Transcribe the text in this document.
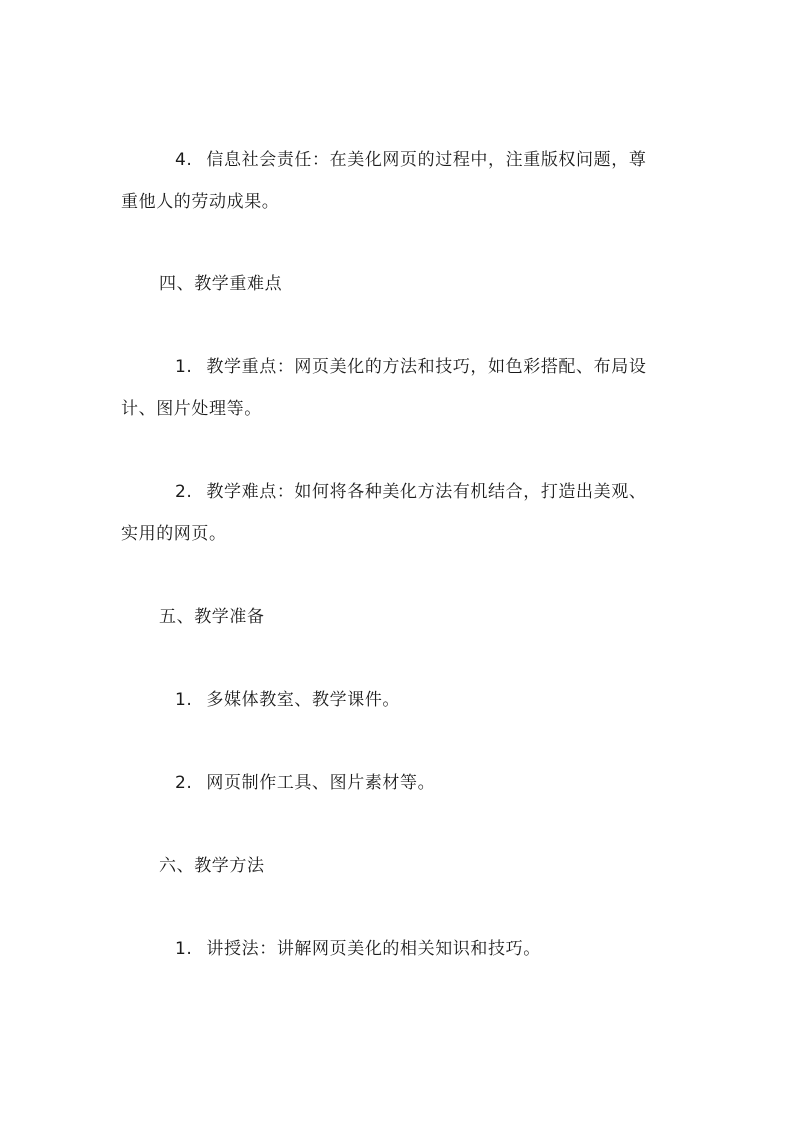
4. 信息社会责任：在美化网页的过程中，注重版权问题，尊
重他人的劳动成果。
四、教学重难点
1. 教学重点：网页美化的方法和技巧，如色彩搭配、布局设
计、图片处理等。
2. 教学难点：如何将各种美化方法有机结合，打造出美观、
实用的网页。
五、教学准备
1. 多媒体教室、教学课件。
2. 网页制作工具、图片素材等。
六、教学方法
1. 讲授法：讲解网页美化的相关知识和技巧。
